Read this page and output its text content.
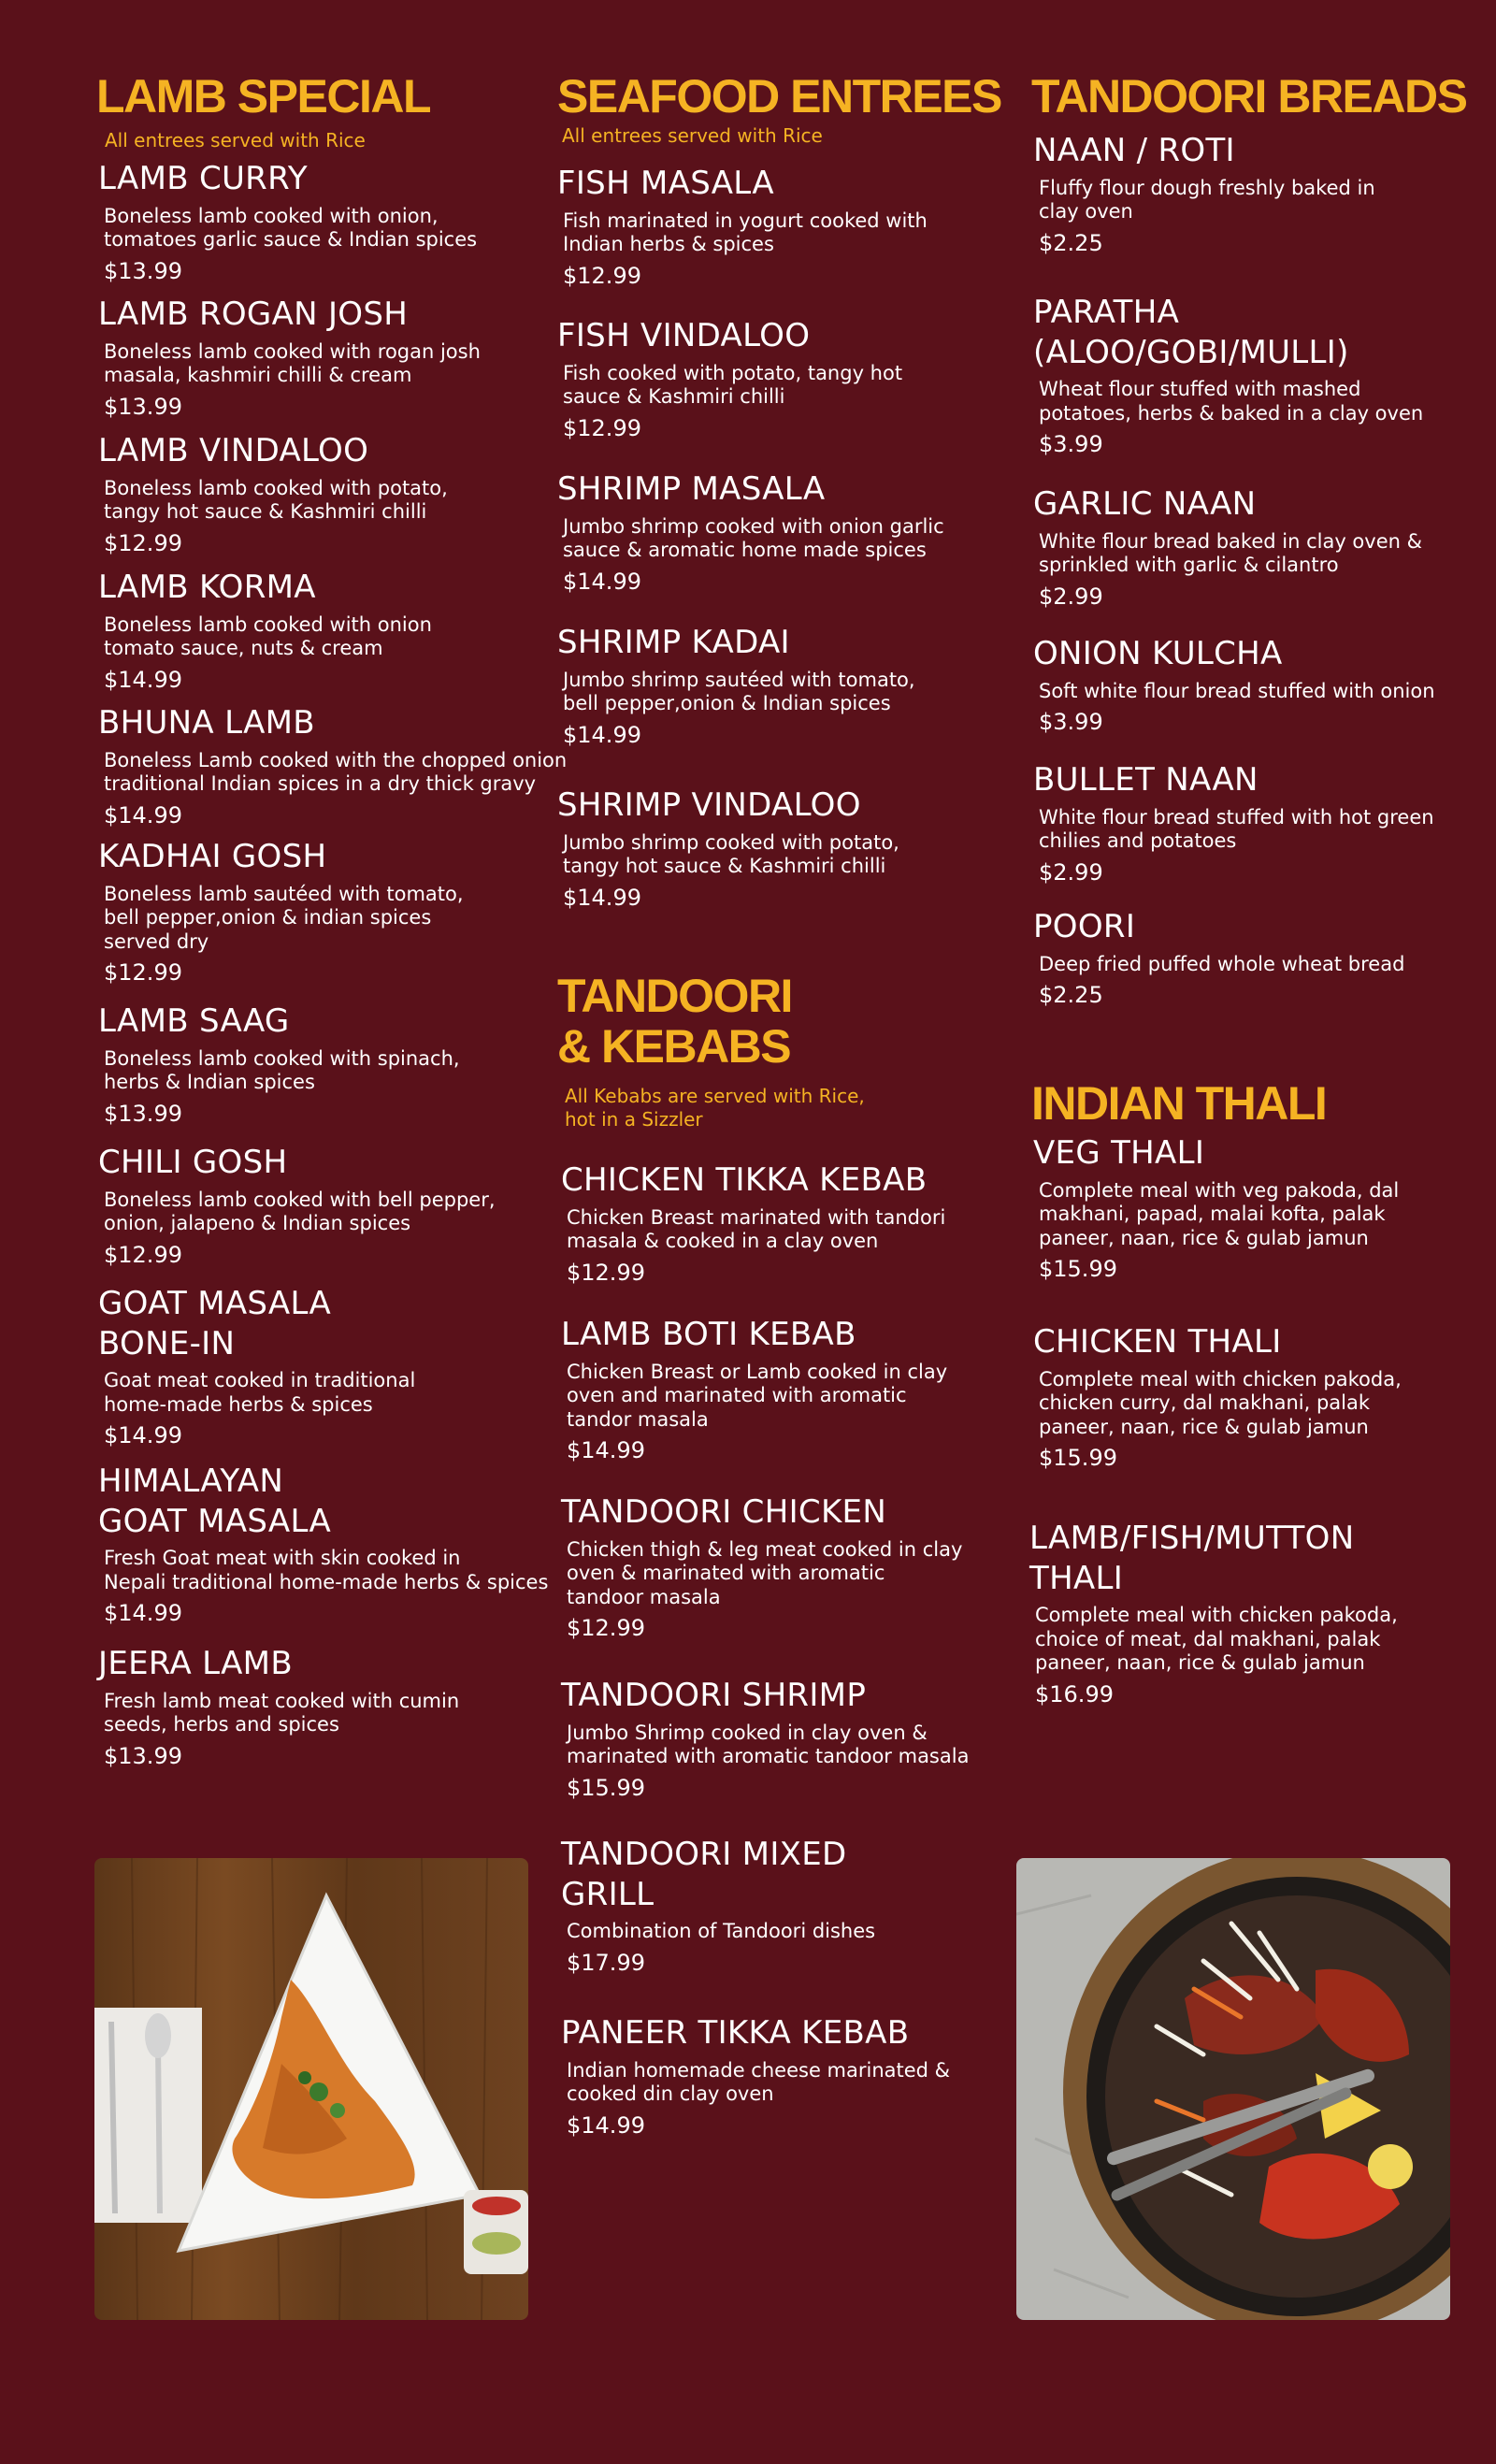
LAMB SPECIAL

All entrees served with Rice

LAMB CURRY
Boneless lamb cooked with onion,
tomatoes garlic sauce & Indian spices
$13.99
LAMB ROGAN JOSH
Boneless lamb cooked with rogan josh
masala, kashmiri chilli & cream
$13.99
LAMB VINDALOO
Boneless lamb cooked with potato,
tangy hot sauce & Kashmiri chilli
$12.99
LAMB KORMA
Boneless lamb cooked with onion
tomato sauce, nuts & cream
$14.99
BHUNA LAMB
Boneless Lamb cooked with the chopped onion
traditional Indian spices in a dry thick gravy
$14.99
KADHAI GOSH
Boneless lamb sautéed with tomato,
bell pepper,onion & indian spices
served dry
$12.99
LAMB SAAG
Boneless lamb cooked with spinach,
herbs & Indian spices
$13.99
CHILI GOSH
Boneless lamb cooked with bell pepper,
onion, jalapeno & Indian spices
$12.99
GOAT MASALA
BONE-IN
Goat meat cooked in traditional
home-made herbs & spices
$14.99
HIMALAYAN
GOAT MASALA
Fresh Goat meat with skin cooked in
Nepali traditional home-made herbs & spices
$14.99
JEERA LAMB
Fresh lamb meat cooked with cumin
seeds, herbs and spices
$13.99
SEAFOOD ENTREES

All entrees served with Rice

FISH MASALA
Fish marinated in yogurt cooked with
Indian herbs & spices
$12.99
FISH VINDALOO
Fish cooked with potato, tangy hot
sauce & Kashmiri chilli
$12.99
SHRIMP MASALA
Jumbo shrimp cooked with onion garlic
sauce & aromatic home made spices
$14.99
SHRIMP KADAI
Jumbo shrimp sautéed with tomato,
bell pepper,onion & Indian spices
$14.99
SHRIMP VINDALOO
Jumbo shrimp cooked with potato,
tangy hot sauce & Kashmiri chilli
$14.99
TANDOORI
& KEBABS

All Kebabs are served with Rice,

hot in a Sizzler

CHICKEN TIKKA KEBAB
Chicken Breast marinated with tandori
masala & cooked in a clay oven
$12.99
LAMB BOTI KEBAB
Chicken Breast or Lamb cooked in clay
oven and marinated with aromatic
tandor masala
$14.99
TANDOORI CHICKEN
Chicken thigh & leg meat cooked in clay
oven & marinated with aromatic
tandoor masala
$12.99
TANDOORI SHRIMP
Jumbo Shrimp cooked in clay oven &
marinated with aromatic tandoor masala
$15.99
TANDOORI MIXED
GRILL
Combination of Tandoori dishes
$17.99
PANEER TIKKA KEBAB
Indian homemade cheese marinated &
cooked din clay oven
$14.99
TANDOORI BREADS
NAAN / ROTI
Fluffy flour dough freshly baked in
clay oven
$2.25
PARATHA
(ALOO/GOBI/MULLI)
Wheat flour stuffed with mashed
potatoes, herbs & baked in a clay oven
$3.99
GARLIC NAAN
White flour bread baked in clay oven &
sprinkled with garlic & cilantro
$2.99
ONION KULCHA
Soft white flour bread stuffed with onion
$3.99
BULLET NAAN
White flour bread stuffed with hot green
chilies and potatoes
$2.99
POORI
Deep fried puffed whole wheat bread
$2.25
INDIAN THALI
VEG THALI
Complete meal with veg pakoda, dal
makhani, papad, malai kofta, palak
paneer, naan, rice & gulab jamun
$15.99
CHICKEN THALI
Complete meal with chicken pakoda,
chicken curry, dal makhani, palak
paneer, naan, rice & gulab jamun
$15.99
LAMB/FISH/MUTTON
THALI
Complete meal with chicken pakoda,
choice of meat, dal makhani, palak
paneer, naan, rice & gulab jamun
$16.99
